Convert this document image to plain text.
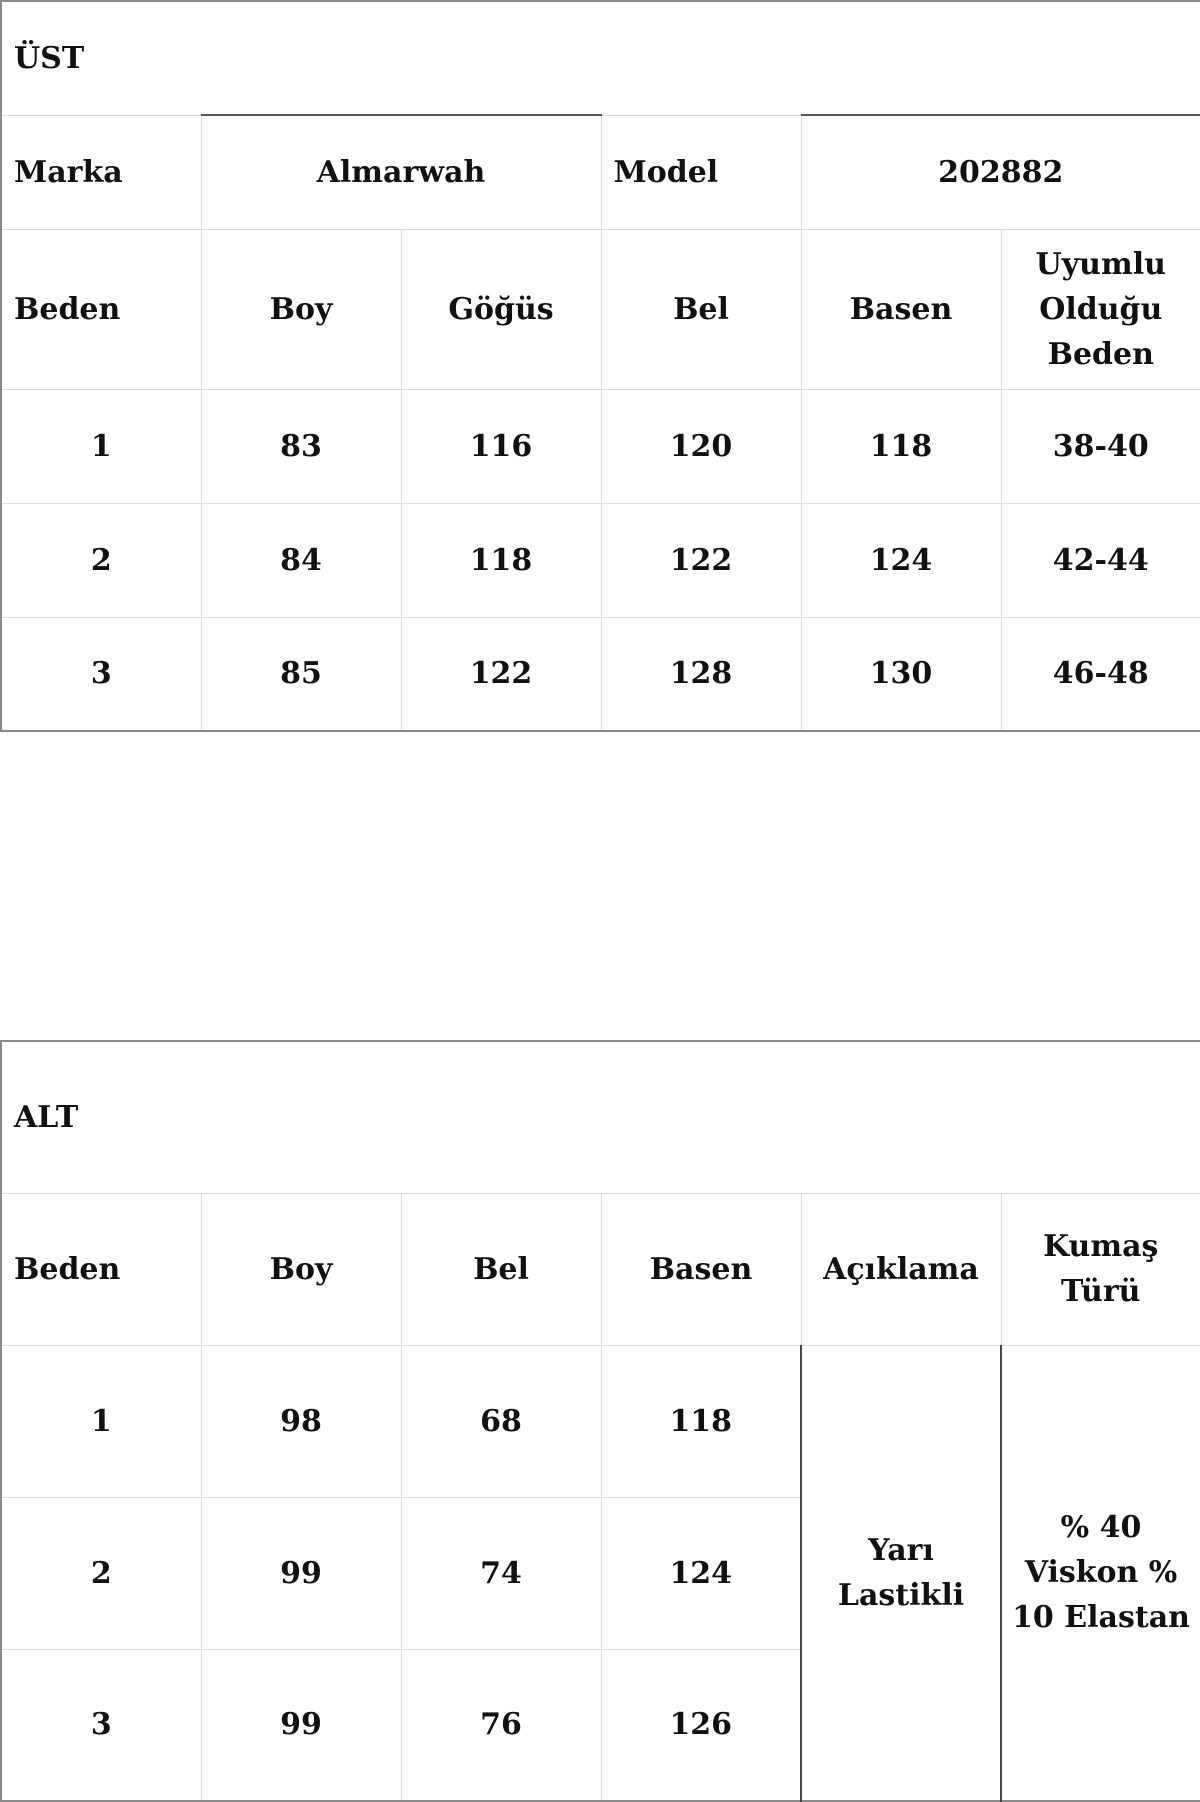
ÜST					
Marka	Almarwah		Model	202882	
Beden	Boy	Göğüs	Bel	Basen	Uyumlu Olduğu Beden
1	83	116	120	118	38-40
2	84	118	122	124	42-44
3	85	122	128	130	46-48
ALT					
Beden	Boy	Bel	Basen	Açıklama	Kumaş Türü
1	98	68	118	Yarı Lastikli	% 40 Viskon % 10 Elastan
2	99	74	124		
3	99	76	126		
